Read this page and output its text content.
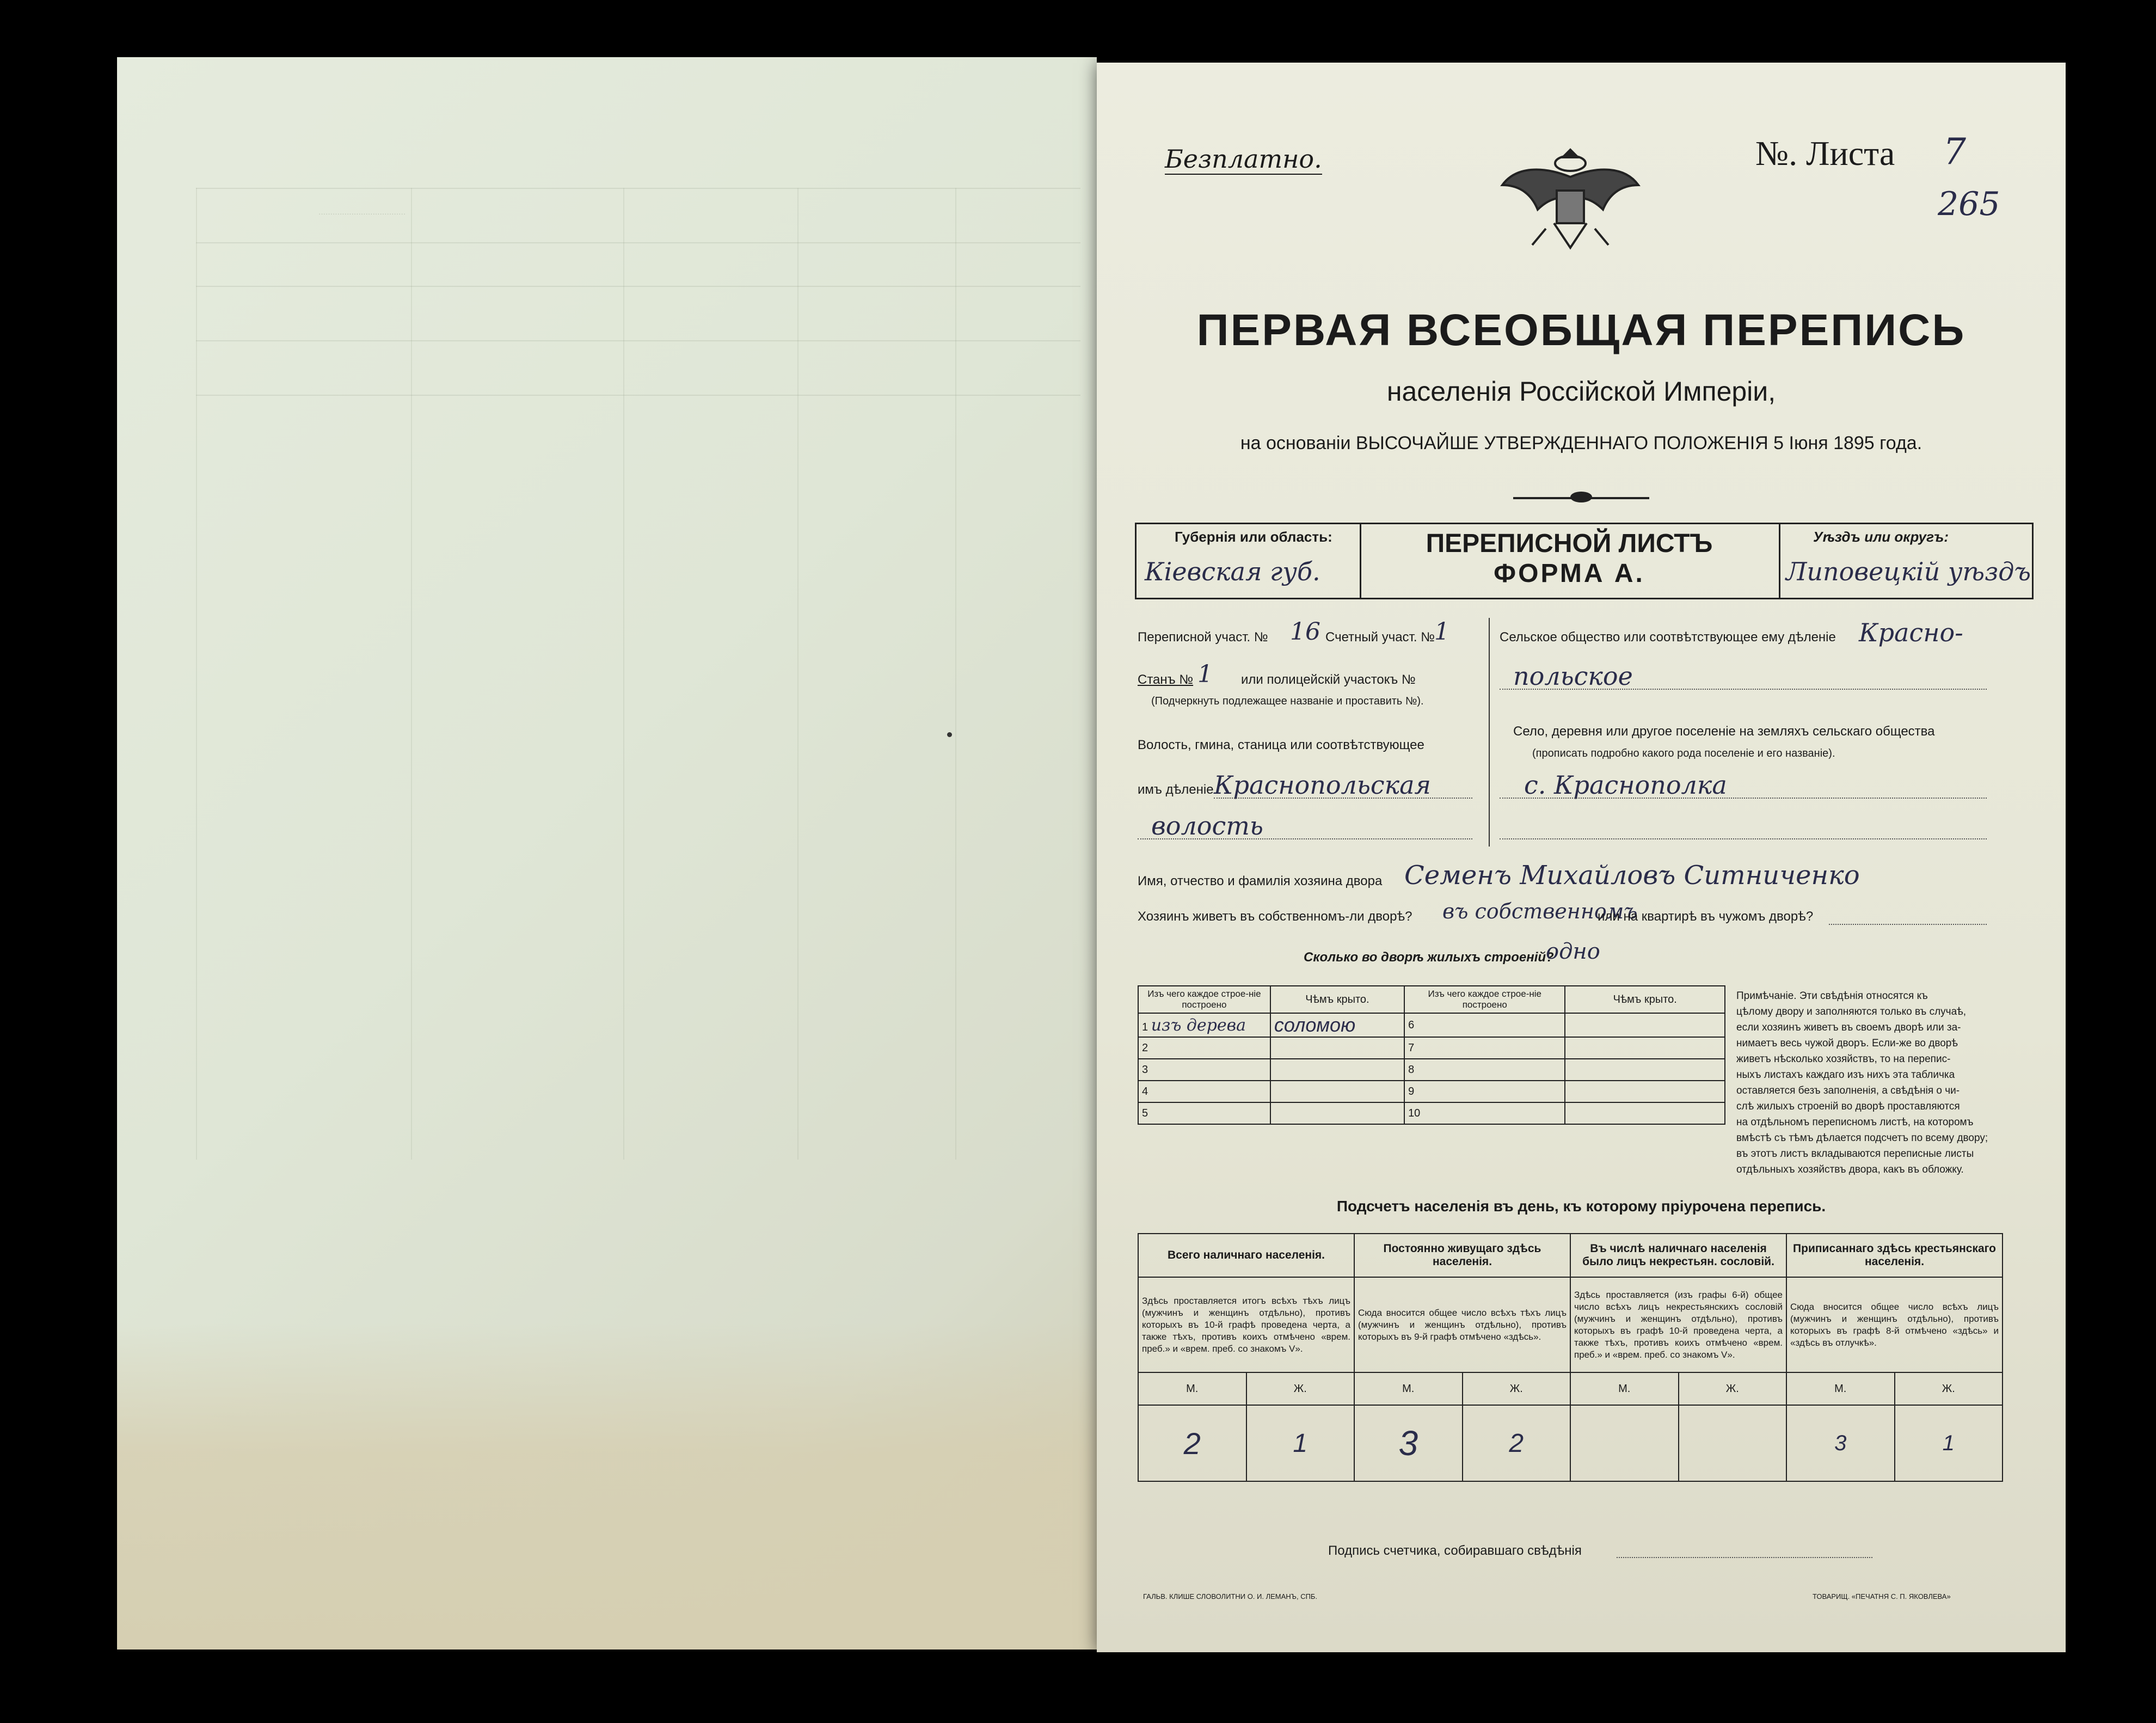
·····································
Безплатно.	№. Листа 7
265
ПЕРВАЯ ВСЕОБЩАЯ ПЕРЕПИСЬ
населенія Россійской Имперіи,
на основаніи ВЫСОЧАЙШЕ УТВЕРЖДЕННАГО ПОЛОЖЕНІЯ 5 Іюня 1895 года.
Губернія или область:
Кіевская губ.
ПЕРЕПИСНОЙ ЛИСТЪ
ФОРМА А.
Уѣздъ или округъ:
Липовецкій уѣздъ
Переписной участ. № 16 Счетный участ. № 1
Станъ № 1 или полицейскій участокъ №
(Подчеркнуть подлежащее названіе и проставить №).
Волость, гмина, станица или соотвѣтствующее
имъ дѣленіе Краснопольская
волость
Сельское общество или соотвѣтствующее ему дѣленіе Красно-
польское
Село, деревня или другое поселеніе на земляхъ сельскаго общества
(прописать подробно какого рода поселеніе и его названіе).
с. Краснополка
Имя, отчество и фамилія хозяина двора Семенъ Михайловъ Ситниченко
Хозяинъ живетъ въ собственномъ-ли дворѣ? въ собственномъ
или на квартирѣ въ чужомъ дворѣ?
Сколько во дворѣ жилыхъ строеній?
одно
Изъ чего каждое строе-ніе построено	Чѣмъ крыто.	Изъ чего каждое строе-ніе построено	Чѣмъ крыто.
1 изъ дерева	соломою	6	
2		7	
3		8	
4		9	
5		10	
Примѣчаніе. Эти свѣдѣнія относятся къ
цѣлому двору и заполняются только въ случаѣ,
если хозяинъ живетъ въ своемъ дворѣ или за-
нимаетъ весь чужой дворъ. Если-же во дворѣ
живетъ нѣсколько хозяйствъ, то на перепис-
ныхъ листахъ каждаго изъ нихъ эта табличка
оставляется безъ заполненія, а свѣдѣнія о чи-
слѣ жилыхъ строеній во дворѣ проставляются
на отдѣльномъ переписномъ листѣ, на которомъ
вмѣстѣ съ тѣмъ дѣлается подсчетъ по всему двору;
въ этотъ листъ вкладываются переписные листы
отдѣльныхъ хозяйствъ двора, какъ въ обложку.
Подсчетъ населенія въ день, къ которому пріурочена перепись.
Всего наличнаго населенія.		Постоянно живущаго здѣсь населенія.		Въ числѣ наличнаго населенія было лицъ некрестьян. сословій.		Приписаннаго здѣсь крестьянскаго населенія.	
Здѣсь проставляется итогъ всѣхъ тѣхъ лицъ (мужчинъ и женщинъ отдѣльно), противъ которыхъ въ 10-й графѣ проведена черта, а также тѣхъ, противъ коихъ отмѣчено «врем. преб.» и «врем. преб. со знакомъ V».		Сюда вносится общее число всѣхъ тѣхъ лицъ (мужчинъ и женщинъ отдѣльно), противъ которыхъ въ 9-й графѣ отмѣчено «здѣсь».		Здѣсь проставляется (изъ графы 6-й) общее число всѣхъ лицъ некрестьянскихъ сословій (мужчинъ и женщинъ отдѣльно), противъ которыхъ въ графѣ 10-й проведена черта, а также тѣхъ, противъ коихъ отмѣчено «врем. преб.» и «врем. преб. со знакомъ V».		Сюда вносится общее число всѣхъ лицъ (мужчинъ и женщинъ отдѣльно), противъ которыхъ въ графѣ 8-й отмѣчено «здѣсь» и «здѣсь въ отлучкѣ».	
М.	Ж.	М.	Ж.	М.	Ж.	М.	Ж.
2	1	3	2			3	1
Подпись счетчика, собиравшаго свѣдѣнія
ГАЛЬВ. КЛИШЕ СЛОВОЛИТНИ О. И. ЛЕМАНЪ, СПБ.	ТОВАРИЩ. «ПЕЧАТНЯ С. П. ЯКОВЛЕВА»
